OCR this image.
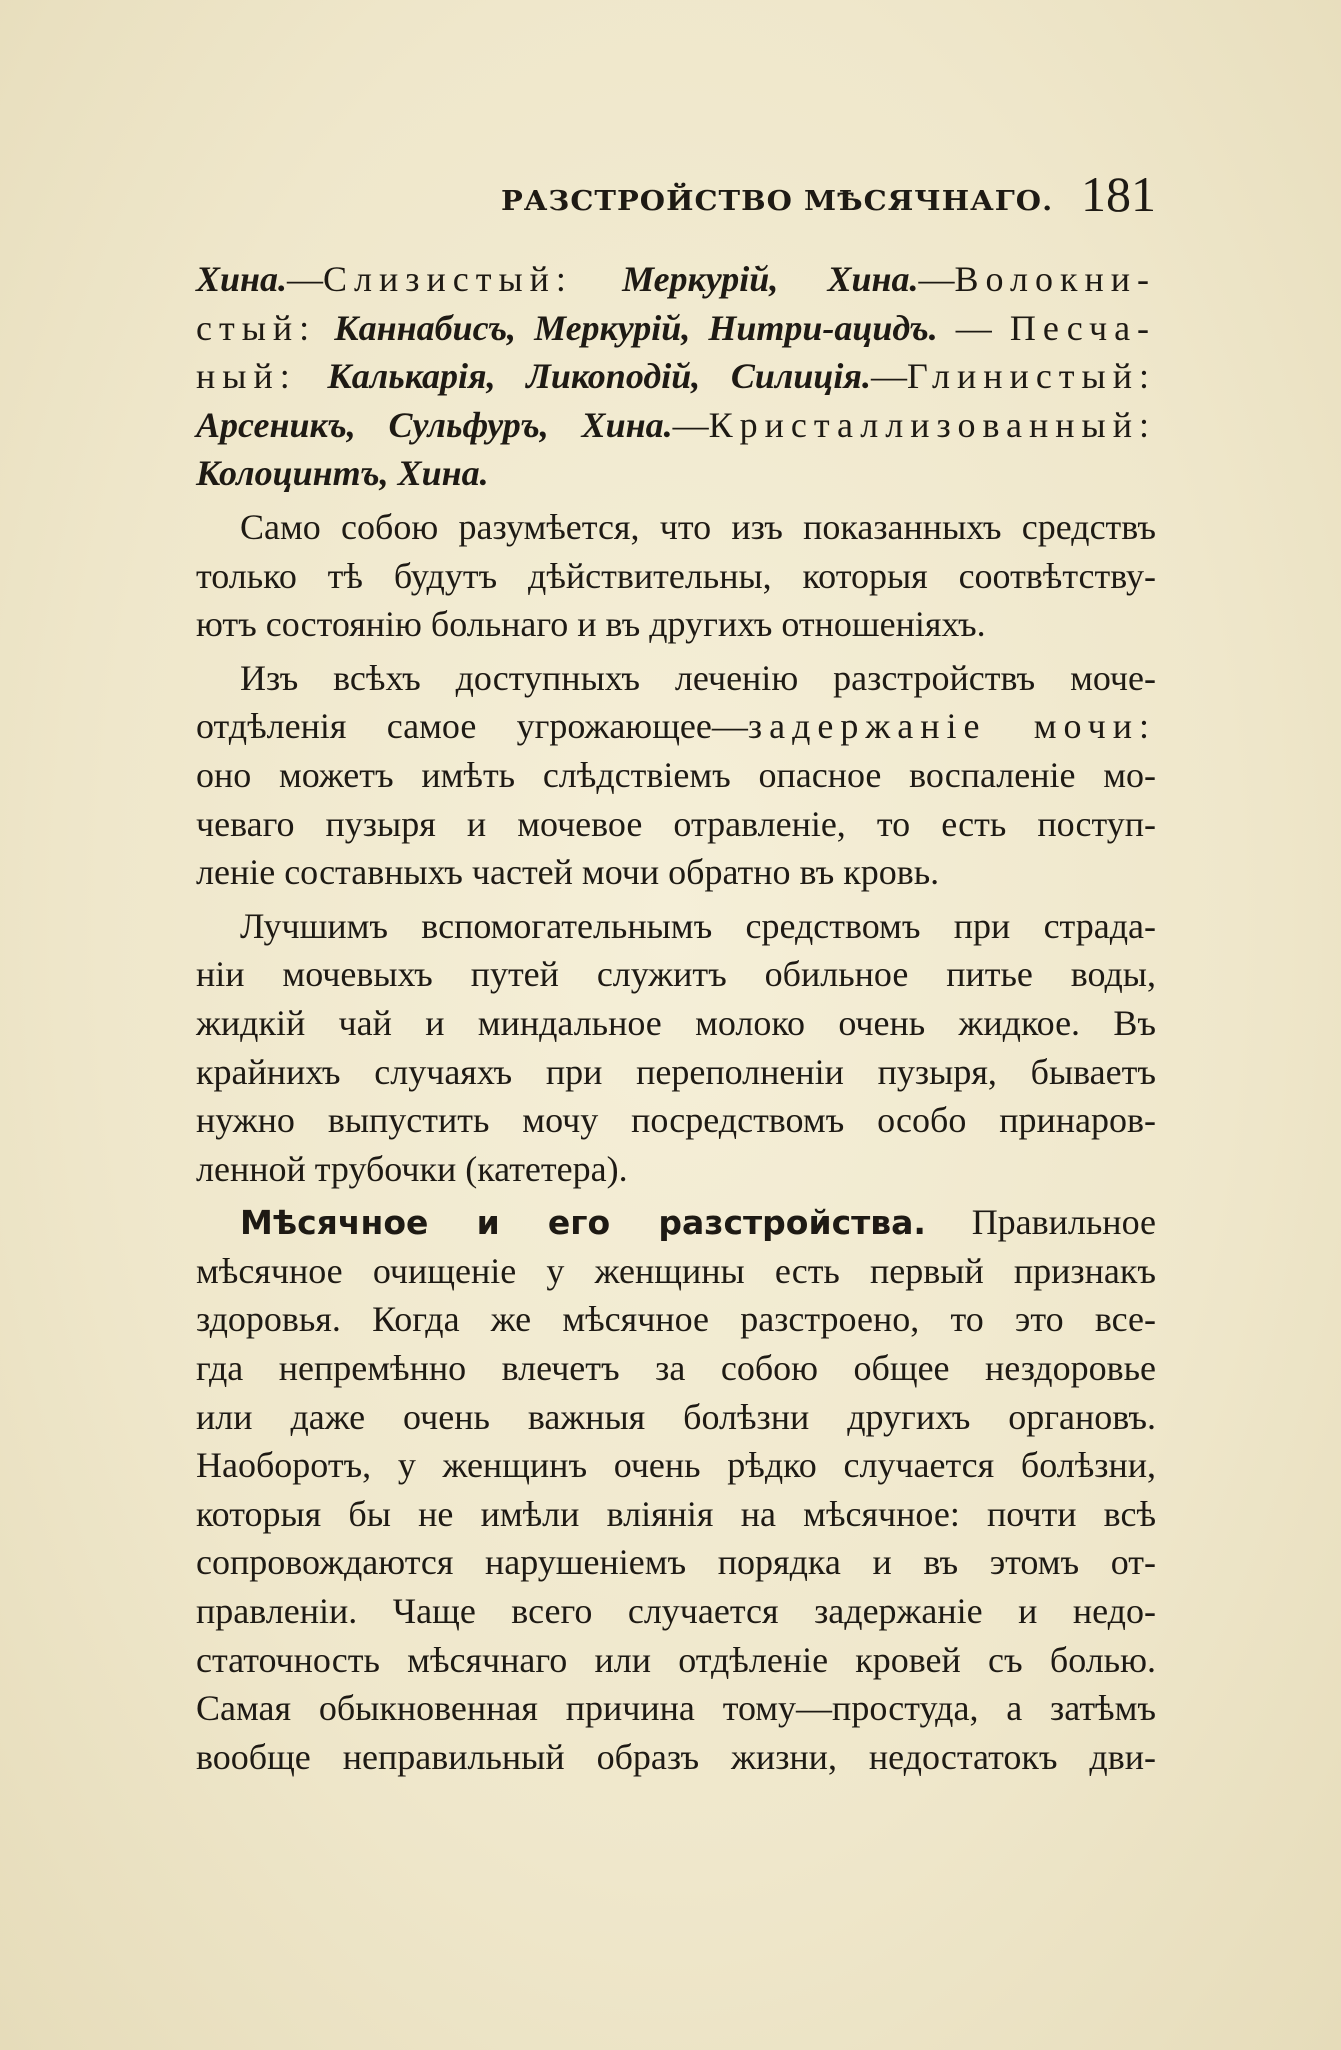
РАЗСТРОЙСТВО МѢСЯЧНАГО. 181
Хина.—Слизистый: Меркурій, Хина.—Волокни-
стый: Каннабисъ, Меркурій, Нитри-ацидъ. — Песча-
ный: Калькарія, Ликоподій, Силиція.—Глинистый:
Арсеникъ, Сульфуръ, Хина.—Кристаллизованный:
Колоцинтъ, Хина.
Само собою разумѣется, что изъ показанныхъ средствъ
только тѣ будутъ дѣйствительны, которыя соотвѣтству-
ютъ состоянію больнаго и въ другихъ отношеніяхъ.
Изъ всѣхъ доступныхъ леченію разстройствъ моче-
отдѣленія самое угрожающее—задержаніе мочи:
оно можетъ имѣть слѣдствіемъ опасное воспаленіе мо-
чеваго пузыря и мочевое отравленіе, то есть поступ-
леніе составныхъ частей мочи обратно въ кровь.
Лучшимъ вспомогательнымъ средствомъ при страда-
ніи мочевыхъ путей служитъ обильное питье воды,
жидкій чай и миндальное молоко очень жидкое. Въ
крайнихъ случаяхъ при переполненіи пузыря, бываетъ
нужно выпустить мочу посредствомъ особо принаров-
ленной трубочки (катетера).
Мѣсячное и его разстройства. Правильное
мѣсячное очищеніе у женщины есть первый признакъ
здоровья. Когда же мѣсячное разстроено, то это все-
гда непремѣнно влечетъ за собою общее нездоровье
или даже очень важныя болѣзни другихъ органовъ.
Наоборотъ, у женщинъ очень рѣдко случается болѣзни,
которыя бы не имѣли вліянія на мѣсячное: почти всѣ
сопровождаются нарушеніемъ порядка и въ этомъ от-
правленіи. Чаще всего случается задержаніе и недо-
статочность мѣсячнаго или отдѣленіе кровей съ болью.
Самая обыкновенная причина тому—простуда, а затѣмъ
вообще неправильный образъ жизни, недостатокъ дви-
